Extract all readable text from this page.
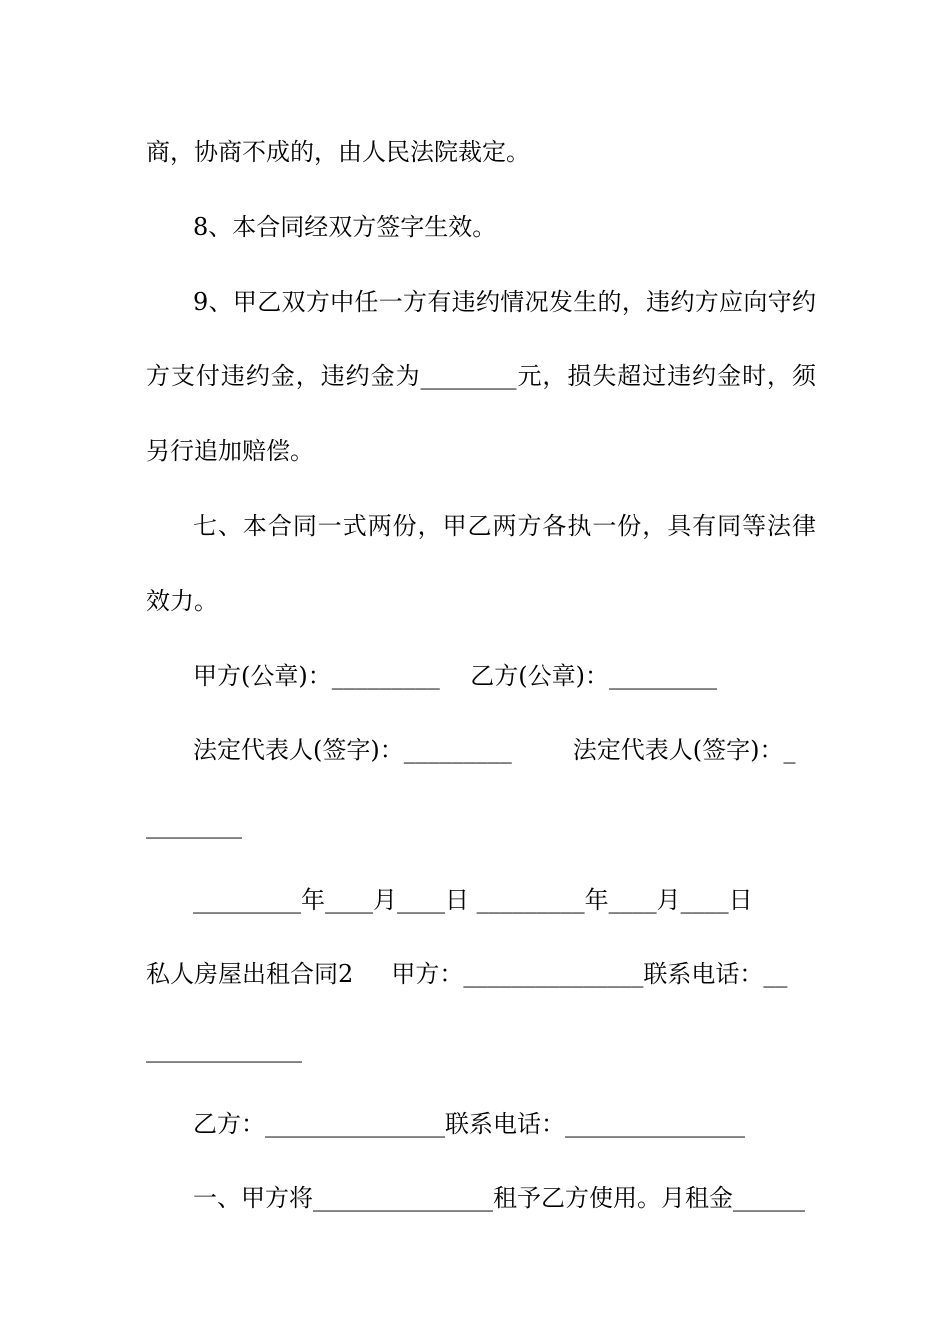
商，协商不成的，由人民法院裁定。
8、本合同经双方签字生效。
9、甲乙双方中任一方有违约情况发生的，违约方应向守约
方支付违约金，违约金为________元，损失超过违约金时，须
另行追加赔偿。
七、本合同一式两份，甲乙两方各执一份，具有同等法律
效力。
甲方(公章)：_________    乙方(公章)：_________
法定代表人(签字)：_________        法定代表人(签字)：_
________
_________年____月____日 _________年____月____日
私人房屋出租合同2     甲方：_______________联系电话：__
_____________
乙方：_______________联系电话：_______________
一、甲方将_______________租予乙方使用。月租金______
